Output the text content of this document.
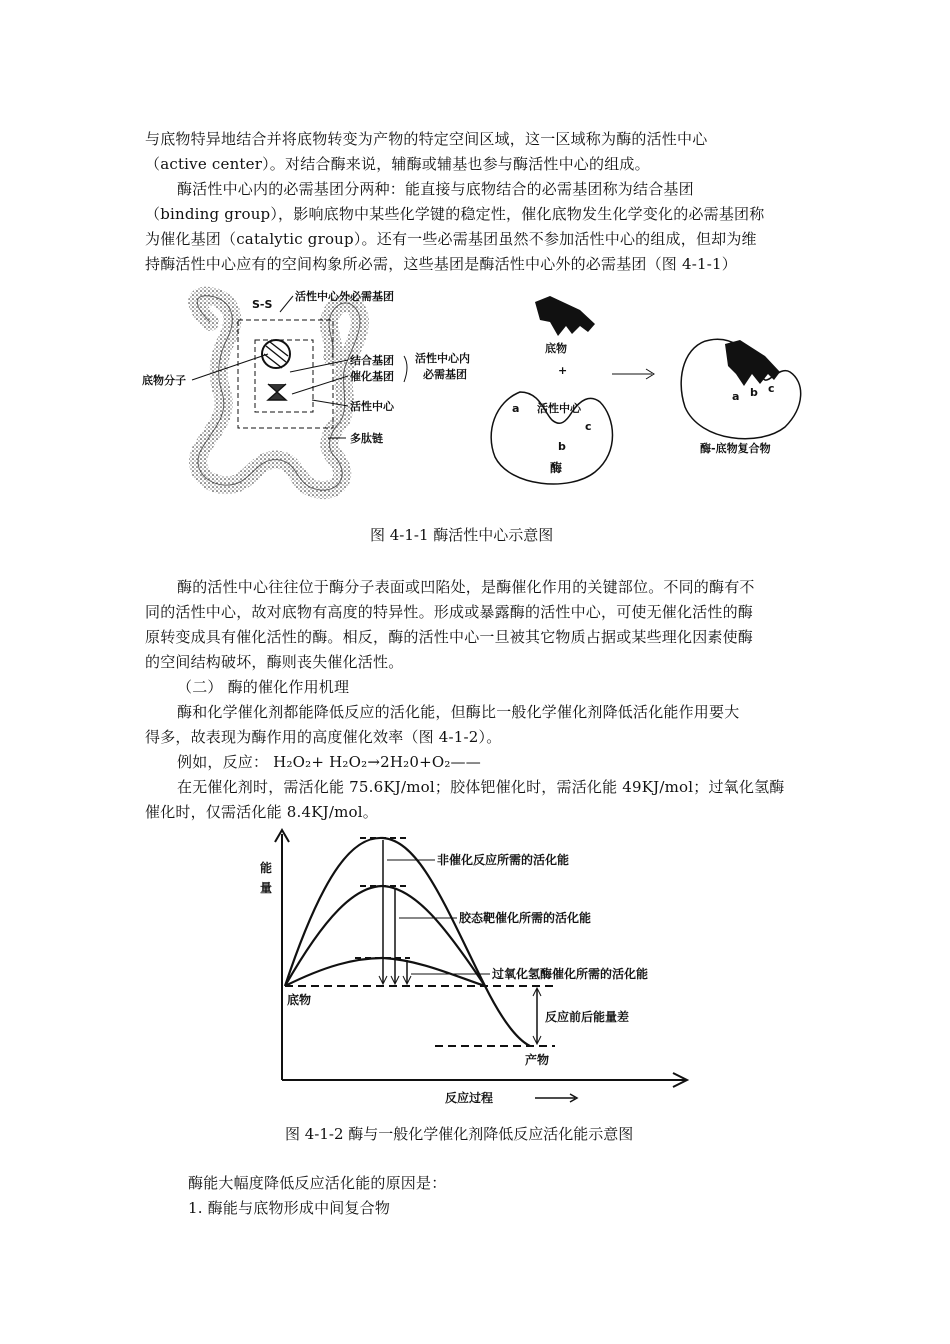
与底物特异地结合并将底物转变为产物的特定空间区域，这一区域称为酶的活性中心
（active center）。对结合酶来说，辅酶或辅基也参与酶活性中心的组成。
酶活性中心内的必需基团分两种：能直接与底物结合的必需基团称为结合基团
（binding group），影响底物中某些化学键的稳定性，催化底物发生化学变化的必需基团称
为催化基团（catalytic group）。还有一些必需基团虽然不参加活性中心的组成，但却为维
持酶活性中心应有的空间构象所必需，这些基团是酶活性中心外的必需基团（图 4-1-1）
S-S
活性中心外必需基团
底物分子
结合基团
催化基团
活性中心内
必需基团
活性中心
多肽链
底物
+
活性中心
a
b
c
酶
a b c
酶-底物复合物
图 4-1-1 酶活性中心示意图
酶的活性中心往往位于酶分子表面或凹陷处，是酶催化作用的关键部位。不同的酶有不
同的活性中心，故对底物有高度的特异性。形成或暴露酶的活性中心，可使无催化活性的酶
原转变成具有催化活性的酶。相反，酶的活性中心一旦被其它物质占据或某些理化因素使酶
的空间结构破坏，酶则丧失催化活性。
（二） 酶的催化作用机理
酶和化学催化剂都能降低反应的活化能，但酶比一般化学催化剂降低活化能作用要大
得多，故表现为酶作用的高度催化效率（图 4-1-2）。
例如，反应： H₂O₂+ H₂O₂→2H₂0+O₂——
在无催化剂时，需活化能 75.6KJ/mol；胶体钯催化时，需活化能 49KJ/mol；过氧化氢酶
催化时，仅需活化能 8.4KJ/mol。
能
量
反应过程
非催化反应所需的活化能
胶态靶催化所需的活化能
过氧化氢酶催化所需的活化能
反应前后能量差
底物
产物
图 4-1-2 酶与一般化学催化剂降低反应活化能示意图
酶能大幅度降低反应活化能的原因是：
1. 酶能与底物形成中间复合物
